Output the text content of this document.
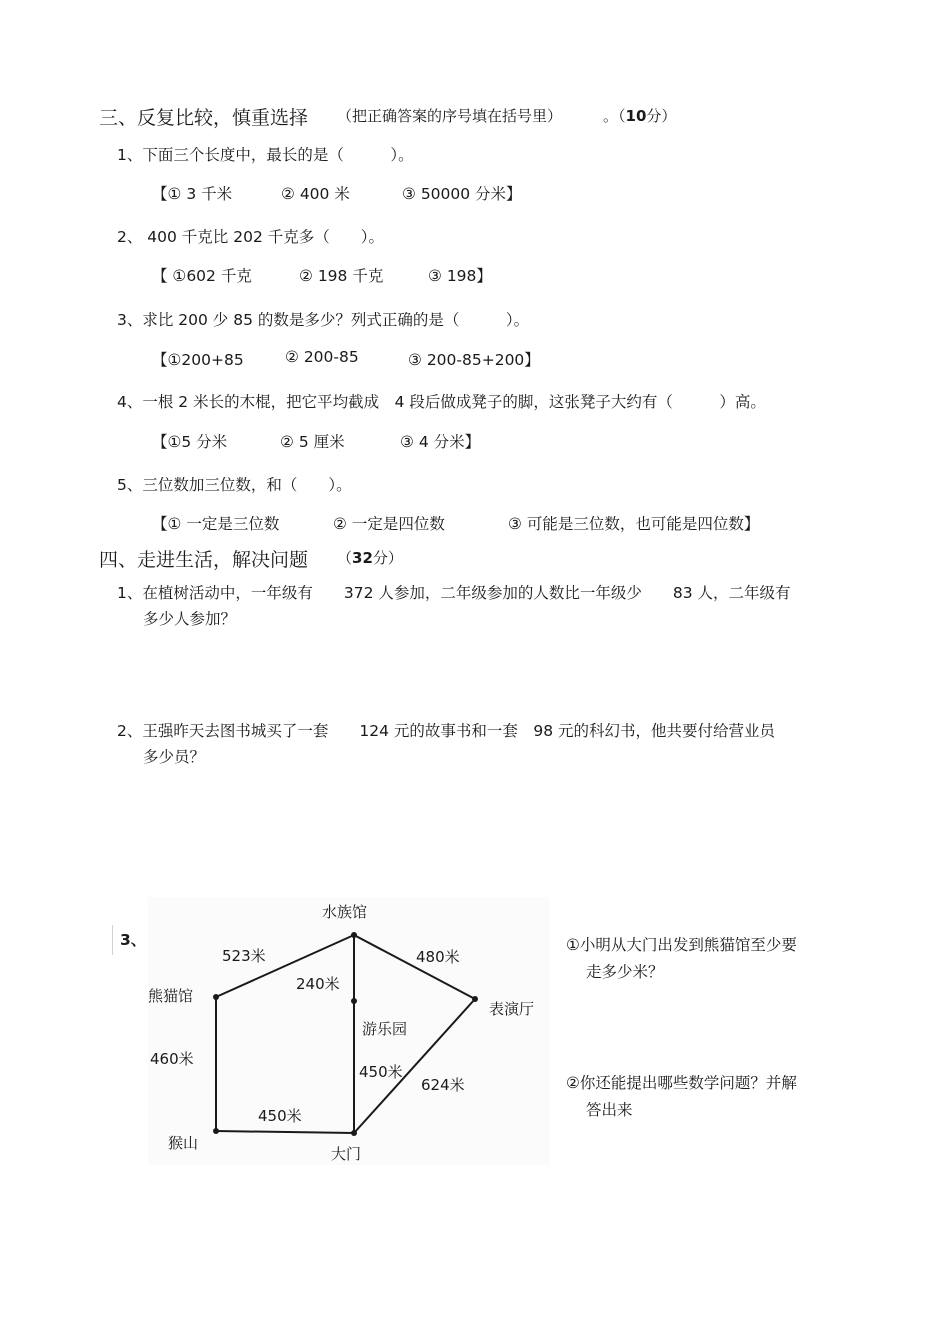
三、反复比较，慎重选择 （把正确答案的序号填在括号里）	。（10分）
1、下面三个长度中，最长的是（　　　）。
【① 3 千米	② 400 米	③ 50000 分米】
2、 400 千克比 202 千克多（　　）。
【 ①602 千克	② 198 千克	③ 198】
3、求比 200 少 85 的数是多少？列式正确的是（　　　）。
【①200+85	② 200-85	③ 200-85+200】
4、一根 2 米长的木棍，把它平均截成　4 段后做成凳子的脚，这张凳子大约有（　　　）高。
【①5 分米	② 5 厘米	③ 4 分米】
5、三位数加三位数，和（　　）。
【① 一定是三位数	② 一定是四位数	③ 可能是三位数，也可能是四位数】
四、走进生活，解决问题 （32分）
1、在植树活动中，一年级有　　372 人参加，二年级参加的人数比一年级少　　83 人，二年级有
多少人参加？
2、王强昨天去图书城买了一套　　124 元的故事书和一套　98 元的科幻书，他共要付给营业员
多少员？
3、
水族馆
熊猫馆
表演厅
游乐园
猴山
大门
523米	480米
240米
460米
450米
624米
450米
①小明从大门出发到熊猫馆至少要
走多少米？
②你还能提出哪些数学问题？并解
答出来
